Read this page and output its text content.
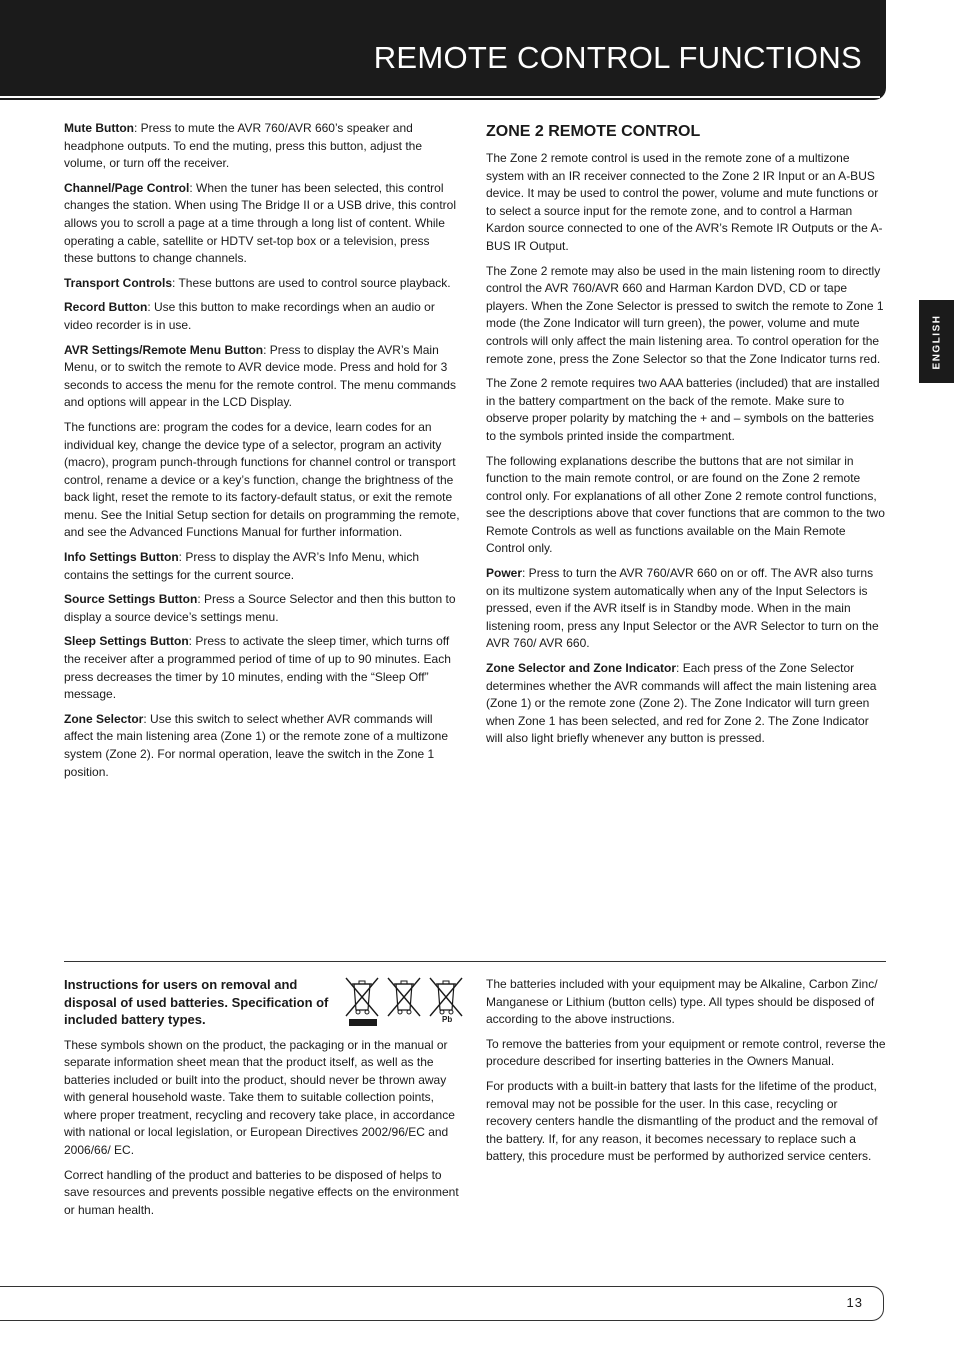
REMOTE CONTROL FUNCTIONS
ENGLISH

Mute Button: Press to mute the AVR 760/AVR 660’s speaker and headphone outputs. To end the muting, press this button, adjust the volume, or turn off the receiver.

Channel/Page Control: When the tuner has been selected, this control changes the station. When using The Bridge II or a USB drive, this control allows you to scroll a page at a time through a long list of content. While operating a cable, satellite or HDTV set-top box or a television, press these buttons to change channels.

Transport Controls: These buttons are used to control source playback.

Record Button: Use this button to make recordings when an audio or video recorder is in use.

AVR Settings/Remote Menu Button: Press to display the AVR’s Main Menu, or to switch the remote to AVR device mode. Press and hold for 3 seconds to access the menu for the remote control. The menu commands and options will appear in the LCD Display.

The functions are: program the codes for a device, learn codes for an individual key, change the device type of a selector, program an activity (macro), program punch-through functions for channel control or transport control, rename a device or a key’s function, change the brightness of the back light, reset the remote to its factory-default status, or exit the remote menu. See the Initial Setup section for details on programming the remote, and see the Advanced Functions Manual for further information.

Info Settings Button: Press to display the AVR’s Info Menu, which contains the settings for the current source.

Source Settings Button: Press a Source Selector and then this button to display a source device’s settings menu.

Sleep Settings Button: Press to activate the sleep timer, which turns off the receiver after a programmed period of time of up to 90 minutes. Each press decreases the timer by 10 minutes, ending with the “Sleep Off” message.

Zone Selector: Use this switch to select whether AVR commands will affect the main listening area (Zone 1) or the remote zone of a multizone system (Zone 2). For normal operation, leave the switch in the Zone 1 position.

ZONE 2 REMOTE CONTROL

The Zone 2 remote control is used in the remote zone of a multizone system with an IR receiver connected to the Zone 2 IR Input or an A-BUS device. It may be used to control the power, volume and mute functions or to select a source input for the remote zone, and to control a Harman Kardon source connected to one of the AVR’s Remote IR Outputs or the A-BUS IR Output.

The Zone 2 remote may also be used in the main listening room to directly control the AVR 760/AVR 660 and Harman Kardon DVD, CD or tape players. When the Zone Selector is pressed to switch the remote to Zone 1 mode (the Zone Indicator will turn green), the power, volume and mute controls will only affect the main listening area. To control operation for the remote zone, press the Zone Selector so that the Zone Indicator turns red.

The Zone 2 remote requires two AAA batteries (included) that are installed in the battery compartment on the back of the remote. Make sure to observe proper polarity by matching the + and – symbols on the batteries to the symbols printed inside the compartment.

The following explanations describe the buttons that are not similar in function to the main remote control, or are found on the Zone 2 remote control only. For explanations of all other Zone 2 remote control functions, see the descriptions above that cover functions that are common to the two Remote Controls as well as functions available on the Main Remote Control only.

Power: Press to turn the AVR 760/AVR 660 on or off. The AVR also turns on its multizone system automatically when any of the Input Selectors is pressed, even if the AVR itself is in Standby mode. When in the main listening room, press any Input Selector or the AVR Selector to turn on the AVR 760/ AVR 660.

Zone Selector and Zone Indicator: Each press of the Zone Selector determines whether the AVR commands will affect the main listening area (Zone 1) or the remote zone (Zone 2). The Zone Indicator will turn green when Zone 1 has been selected, and red for Zone 2. The Zone Indicator will also light briefly whenever any button is pressed.

Instructions for users on removal and disposal of used batteries. Specification of included battery types.

These symbols shown on the product, the packaging or in the manual or separate information sheet mean that the product itself, as well as the batteries included or built into the product, should never be thrown away with general household waste. Take them to suitable collection points, where proper treatment, recycling and recovery take place, in accordance with national or local legislation, or European Directives 2002/96/EC and 2006/66/ EC.

Correct handling of the product and batteries to be disposed of helps to save resources and prevents possible negative effects on the environment or human health.

Pb

The batteries included with your equipment may be Alkaline, Carbon Zinc/ Manganese or Lithium (button cells) type. All types should be disposed of according to the above instructions.

To remove the batteries from your equipment or remote control, reverse the procedure described for inserting batteries in the Owners Manual.

For products with a built-in battery that lasts for the lifetime of the product, removal may not be possible for the user. In this case, recycling or recovery centers handle the dismantling of the product and the removal of the battery. If, for any reason, it becomes necessary to replace such a battery, this procedure must be performed by authorized service centers.

13
